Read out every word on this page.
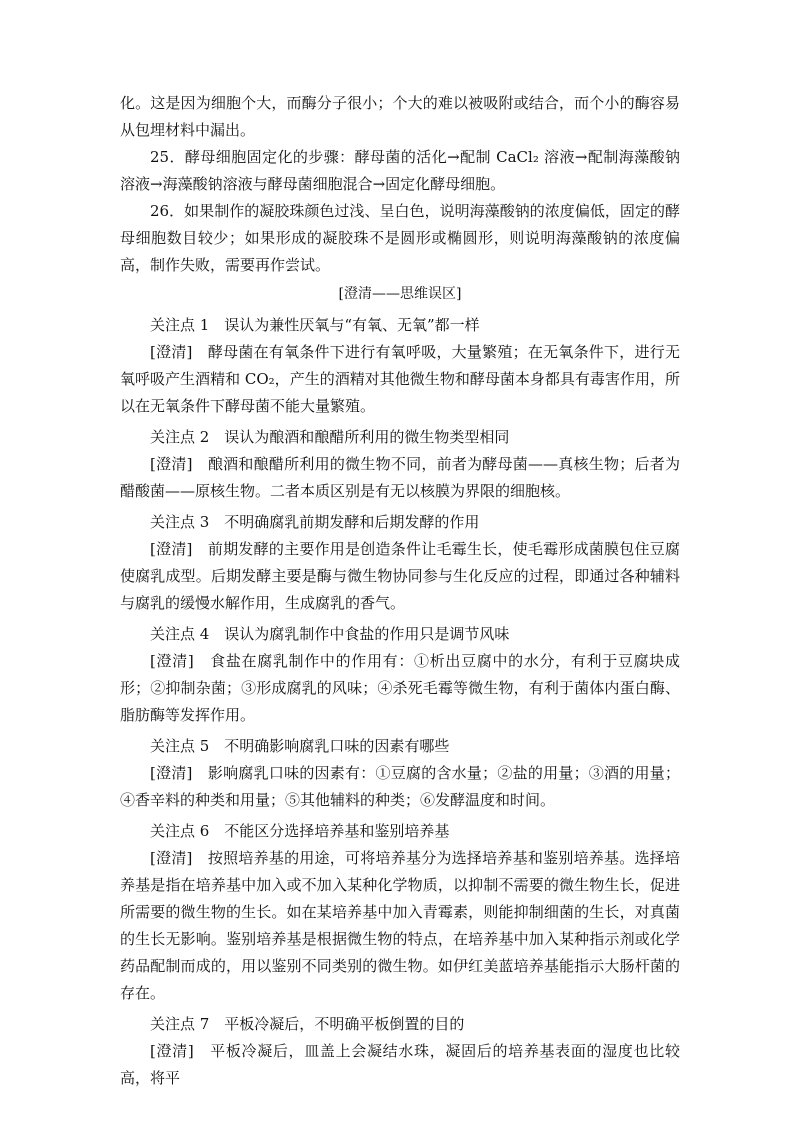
化。这是因为细胞个大，而酶分子很小；个大的难以被吸附或结合，而个小的酶容易从包埋材料中漏出。

25．酵母细胞固定化的步骤：酵母菌的活化→配制 CaCl₂ 溶液→配制海藻酸钠溶液→海藻酸钠溶液与酵母菌细胞混合→固定化酵母细胞。

26．如果制作的凝胶珠颜色过浅、呈白色，说明海藻酸钠的浓度偏低，固定的酵母细胞数目较少；如果形成的凝胶珠不是圆形或椭圆形，则说明海藻酸钠的浓度偏高，制作失败，需要再作尝试。

[澄清——思维误区]

关注点 1　误认为兼性厌氧与“有氧、无氧”都一样

[澄清]　 酵母菌在有氧条件下进行有氧呼吸，大量繁殖；在无氧条件下，进行无氧呼吸产生酒精和 CO₂，产生的酒精对其他微生物和酵母菌本身都具有毒害作用，所以在无氧条件下酵母菌不能大量繁殖。

关注点 2　误认为酿酒和酿醋所利用的微生物类型相同

[澄清]　 酿酒和酿醋所利用的微生物不同，前者为酵母菌——真核生物；后者为醋酸菌——原核生物。二者本质区别是有无以核膜为界限的细胞核。

关注点 3　不明确腐乳前期发酵和后期发酵的作用

[澄清]　 前期发酵的主要作用是创造条件让毛霉生长，使毛霉形成菌膜包住豆腐使腐乳成型。后期发酵主要是酶与微生物协同参与生化反应的过程，即通过各种辅料与腐乳的缓慢水解作用，生成腐乳的香气。

关注点 4　误认为腐乳制作中食盐的作用只是调节风味

[澄清]　 食盐在腐乳制作中的作用有：①析出豆腐中的水分，有利于豆腐块成形；②抑制杂菌；③形成腐乳的风味；④杀死毛霉等微生物，有利于菌体内蛋白酶、脂肪酶等发挥作用。

关注点 5　不明确影响腐乳口味的因素有哪些

[澄清]　 影响腐乳口味的因素有：①豆腐的含水量；②盐的用量；③酒的用量；④香辛料的种类和用量；⑤其他辅料的种类；⑥发酵温度和时间。

关注点 6　不能区分选择培养基和鉴别培养基

[澄清]　 按照培养基的用途，可将培养基分为选择培养基和鉴别培养基。选择培养基是指在培养基中加入或不加入某种化学物质，以抑制不需要的微生物生长，促进所需要的微生物的生长。如在某培养基中加入青霉素，则能抑制细菌的生长，对真菌的生长无影响。鉴别培养基是根据微生物的特点，在培养基中加入某种指示剂或化学药品配制而成的，用以鉴别不同类别的微生物。如伊红美蓝培养基能指示大肠杆菌的存在。

关注点 7　平板冷凝后，不明确平板倒置的目的

[澄清]　 平板冷凝后，皿盖上会凝结水珠，凝固后的培养基表面的湿度也比较高，将平
